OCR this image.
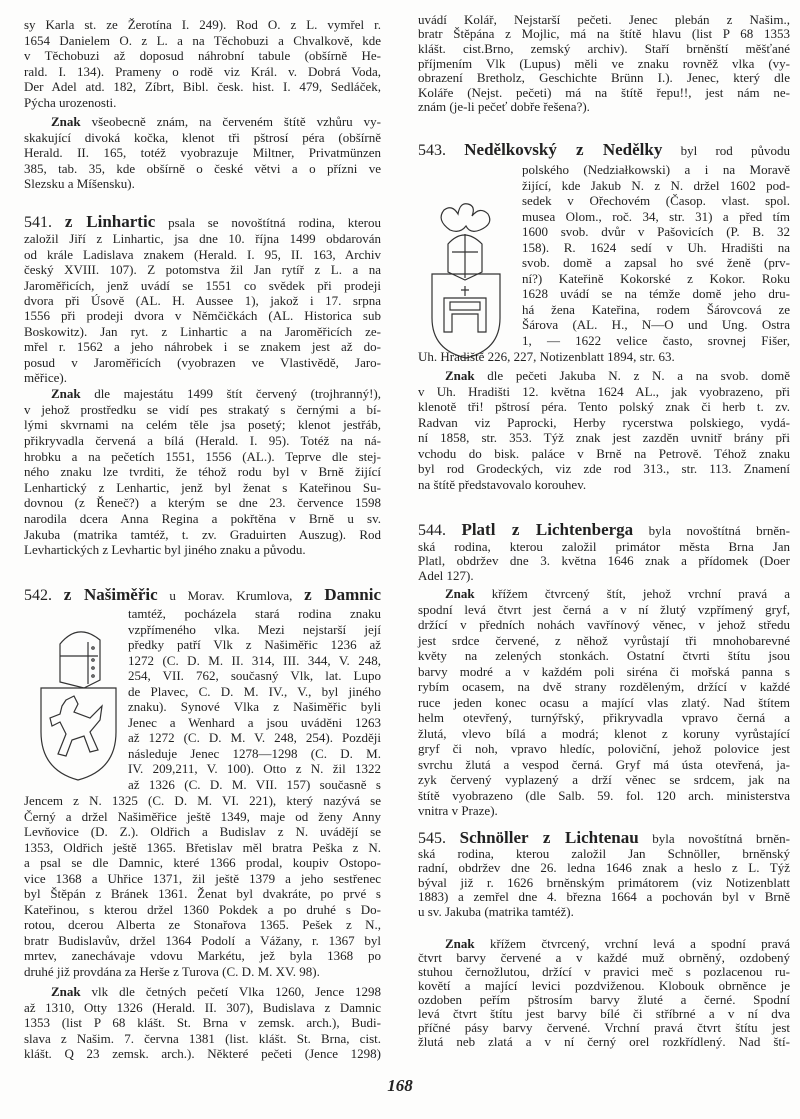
168
sy Karla st. ze Žerotína I. 249). Rod O. z L. vymřel r.
1654 Danielem O. z L. a na Těchobuzi a Chvalkově, kde
v Těchobuzi až doposud náhrobní tabule (obšírně He-
rald. I. 134). Prameny o rodě viz Král. v. Dobrá Voda,
Der Adel atd. 182, Zíbrt, Bibl. česk. hist. I. 479, Sedláček,
Pýcha urozenosti.
Znak všeobecně znám, na červeném štítě vzhůru vy-
skakující divoká kočka, klenot tři pštrosí péra (obšírně
Herald. II. 165, totéž vyobrazuje Miltner, Privatmünzen
385, tab. 35, kde obšírně o české větvi a o přízni ve
Slezsku a Míšensku).
541. z Linhartic psala se novoštítná rodina, kterou
založil Jiří z Linhartic, jsa dne 10. října 1499 obdarován
od krále Ladislava znakem (Herald. I. 95, II. 163, Archiv
český XVIII. 107). Z potomstva žil Jan rytíř z L. a na
Jaroměřicích, jenž uvádí se 1551 co svědek při prodeji
dvora při Úsově (AL. H. Aussee 1), jakož i 17. srpna
1556 při prodeji dvora v Němčičkách (AL. Historica sub
Boskowitz). Jan ryt. z Linhartic a na Jaroměřicích ze-
mřel r. 1562 a jeho náhrobek i se znakem jest až do-
posud v Jaroměřicích (vyobrazen ve Vlastivědě, Jaro-
měřice).
Znak dle majestátu 1499 štít červený (trojhranný!),
v jehož prostředku se vidí pes strakatý s černými a bí-
lými skvrnami na celém těle jsa posetý; klenot jestřáb,
přikryvadla červená a bílá (Herald. I. 95). Totéž na ná-
hrobku a na pečetích 1551, 1556 (AL.). Teprve dle stej-
ného znaku lze tvrditi, že téhož rodu byl v Brně žijící
Lenhartický z Lenhartic, jenž byl ženat s Kateřinou Su-
dovnou (z Řeneč?) a kterým se dne 23. července 1598
narodila dcera Anna Regina a pokřtěna v Brně u sv.
Jakuba (matrika tamtéž, t. zv. Graduirten Auszug). Rod
Levhartických z Levhartic byl jiného znaku a původu.
542. z Našiměřic u Morav. Krumlova, z Damnic
tamtéž, pocházela stará rodina znaku
vzpřímeného vlka. Mezi nejstarší její
předky patří Vlk z Našiměřic 1236 až
1272 (C. D. M. II. 314, III. 344, V. 248,
254, VII. 762, současný Vlk, lat. Lupo
de Plavec, C. D. M. IV., V., byl jiného
znaku). Synové Vlka z Našiměřic byli
Jenec a Wenhard a jsou uváděni 1263
až 1272 (C. D. M. V. 248, 254). Později
následuje Jenec 1278—1298 (C. D. M.
IV. 209,211, V. 100). Otto z N. žil 1322
až 1326 (C. D. M. VII. 157) současně s
Jencem z N. 1325 (C. D. M. VI. 221), který nazývá se
Černý a držel Našiměřice ještě 1349, maje od ženy Anny
Levňovice (D. Z.). Oldřich a Budislav z N. uvádějí se
1353, Oldřich ještě 1365. Břetislav měl bratra Peška z N.
a psal se dle Damnic, které 1366 prodal, koupiv Ostopo-
vice 1368 a Uhřice 1371, žil ještě 1379 a jeho sestřenec
byl Štěpán z Bránek 1361. Ženat byl dvakráte, po prvé s
Kateřinou, s kterou držel 1360 Pokdek a po druhé s Do-
rotou, dcerou Alberta ze Stonařova 1365. Pešek z N.,
bratr Budislavův, držel 1364 Podolí a Vážany, r. 1367 byl
mrtev, zanechávaje vdovu Markétu, jež byla 1368 po
druhé již provdána za Herše z Turova (C. D. M. XV. 98).
Znak vlk dle četných pečetí Vlka 1260, Jence 1298
až 1310, Otty 1326 (Herald. II. 307), Budislava z Damnic
1353 (list P 68 klášt. St. Brna v zemsk. arch.), Budi-
slava z Našim. 7. června 1381 (list. klášt. St. Brna, cist.
klášt. Q 23 zemsk. arch.). Některé pečeti (Jence 1298)
uvádí Kolář, Nejstarší pečeti. Jenec plebán z Našim.,
bratr Štěpána z Mojlic, má na štítě hlavu (list P 68 1353
klášt. cist.Brno, zemský archiv). Staří brněnští měšťané
příjmením Vlk (Lupus) měli ve znaku rovněž vlka (vy-
obrazení Bretholz, Geschichte Brünn I.). Jenec, který dle
Koláře (Nejst. pečeti) má na štítě řepu!!, jest nám ne-
znám (je-li pečeť dobře řešena?).
543. Nedělkovský z Nedělky byl rod původu
polského (Nedziałkowski) a i na Moravě
žijící, kde Jakub N. z N. držel 1602 pod-
sedek v Ořechovém (Časop. vlast. spol.
musea Olom., roč. 34, str. 31) a před tím
1600 svob. dvůr v Pašovicích (P. B. 32
158). R. 1624 sedí v Uh. Hradišti na
svob. domě a zapsal ho své ženě (prv-
ní?) Kateřině Kokorské z Kokor. Roku
1628 uvádí se na témže domě jeho dru-
há žena Kateřina, rodem Šárovcová ze
Šárova (AL. H., N—O und Ung. Ostra
1, — 1622 velice často, srovnej Fišer,
Uh. Hradiště 226, 227, Notizenblatt 1894, str. 63.
Znak dle pečeti Jakuba N. z N. a na svob. domě
v Uh. Hradišti 12. května 1624 AL., jak vyobrazeno, při
klenotě tři! pštrosí péra. Tento polský znak či herb t. zv.
Radvan viz Paprocki, Herby rycerstwa polskiego, vydá-
ní 1858, str. 353. Týž znak jest zazděn uvnitř brány při
vchodu do bisk. paláce v Brně na Petrově. Téhož znaku
byl rod Grodeckých, viz zde rod 313., str. 113. Znamení
na štítě představovalo korouhev.
544. Platl z Lichtenberga byla novoštítná brněn-
ská rodina, kterou založil primátor města Brna Jan
Platl, obdržev dne 3. května 1646 znak a přídomek (Doer
Adel 127).
Znak křížem čtvrcený štít, jehož vrchní pravá a
spodní levá čtvrt jest černá a v ní žlutý vzpřímený gryf,
držící v předních nohách vavřínový věnec, v jehož středu
jest srdce červené, z něhož vyrůstají tři mnohobarevné
květy na zelených stonkách. Ostatní čtvrti štítu jsou
barvy modré a v každém poli siréna či mořská panna s
rybím ocasem, na dvě strany rozděleným, držící v každé
ruce jeden konec ocasu a mající vlas zlatý. Nad štítem
helm otevřený, turnýřský, přikryvadla vpravo černá a
žlutá, vlevo bílá a modrá; klenot z koruny vyrůstající
gryf či noh, vpravo hledíc, poloviční, jehož polovice jest
svrchu žlutá a vespod černá. Gryf má ústa otevřená, ja-
zyk červený vyplazený a drží věnec se srdcem, jak na
štítě vyobrazeno (dle Salb. 59. fol. 120 arch. ministerstva
vnitra v Praze).
545. Schnöller z Lichtenau byla novoštítná brněn-
ská rodina, kterou založil Jan Schnöller, brněnský
radní, obdržev dne 26. ledna 1646 znak a heslo z L. Týž
býval již r. 1626 brněnským primátorem (viz Notizenblatt
1883) a zemřel dne 4. března 1664 a pochován byl v Brně
u sv. Jakuba (matrika tamtéž).
Znak křížem čtvrcený, vrchní levá a spodní pravá
čtvrt barvy červené a v každé muž obrněný, ozdobený
stuhou černožlutou, držící v pravici meč s pozlacenou ru-
kovětí a mající levici pozdviženou. Klobouk obrněnce je
ozdoben peřím pštrosím barvy žluté a černé. Spodní
levá čtvrt štítu jest barvy bílé či stříbrné a v ní dva
příčné pásy barvy červené. Vrchní pravá čtvrt štítu jest
žlutá neb zlatá a v ní černý orel rozkřídlený. Nad ští-
